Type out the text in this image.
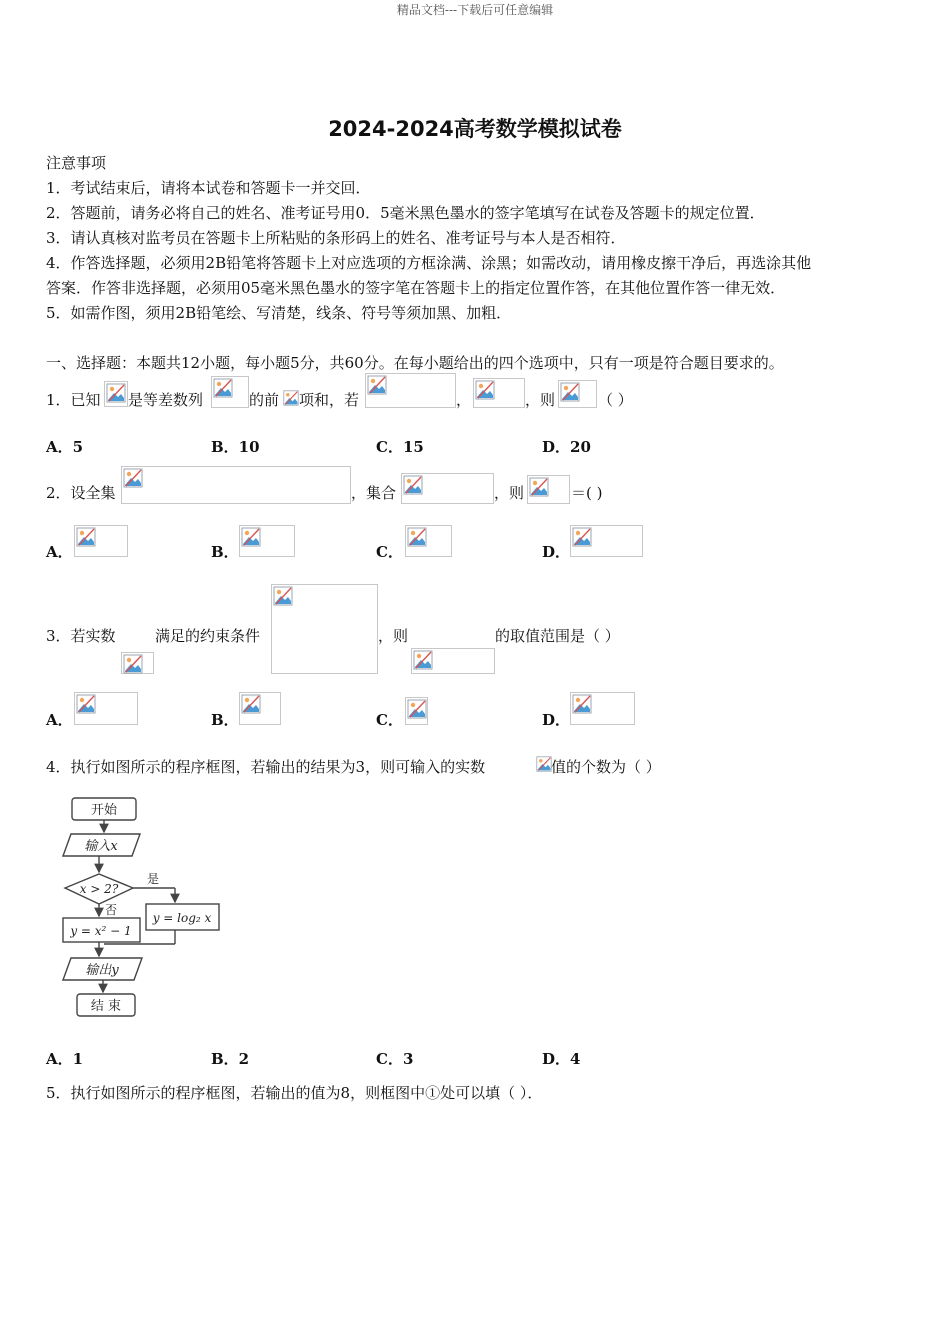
精品文档---下载后可任意编辑
2024-2024高考数学模拟试卷
注意事项
1．考试结束后，请将本试卷和答题卡一并交回．
2．答题前，请务必将自己的姓名、准考证号用0．5毫米黑色墨水的签字笔填写在试卷及答题卡的规定位置．
3．请认真核对监考员在答题卡上所粘贴的条形码上的姓名、准考证号与本人是否相符．
4．作答选择题，必须用2B铅笔将答题卡上对应选项的方框涂满、涂黑；如需改动，请用橡皮擦干净后，再选涂其他
答案．作答非选择题，必须用05毫米黑色墨水的签字笔在答题卡上的指定位置作答，在其他位置作答一律无效．
5．如需作图，须用2B铅笔绘、写清楚，线条、符号等须加黑、加粗．
一、选择题：本题共12小题，每小题5分，共60分。在每小题给出的四个选项中，只有一项是符合题目要求的。
1．已知 是等差数列	的前 项和，若	，	，则	（ ）
A．5	B．10	C．15	D．20
2．设全集	，集合	，则	＝( )
A．	B．	C．	D．
3．若实数	满足的约束条件	，则	的取值范围是（ ）
A．	B．	C．	D．
4．执行如图所示的程序框图，若输出的结果为3，则可输入的实数	值的个数为（ ）
开始
输入x
x > 2?
是
否
y = x² − 1
y = log₂ x
输出y
结 束
A．1	B．2	C．3	D．4
5．执行如图所示的程序框图，若输出的值为8，则框图中①处可以填（ ）．
